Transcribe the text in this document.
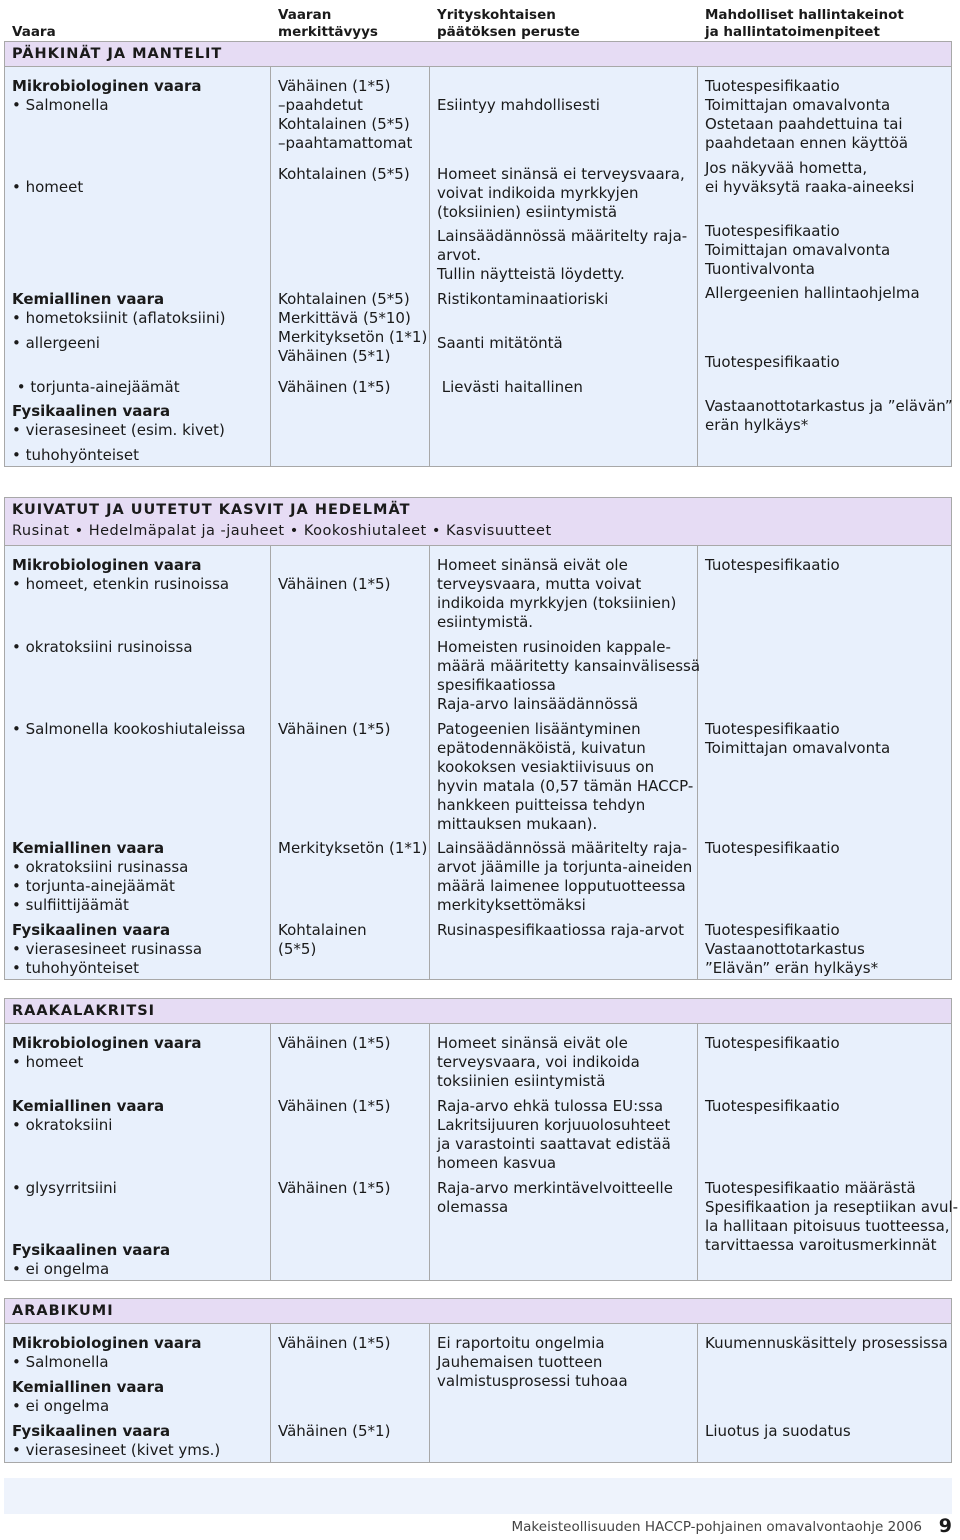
Vaara
Vaaran
merkittävyys
Yrityskohtaisen
päätöksen peruste
Mahdolliset hallintakeinot
ja hallintatoimenpiteet
PÄHKINÄT JA MANTELIT
Mikrobiologinen vaara
• Salmonella
• homeet
Kemiallinen vaara
• hometoksiinit (aflatoksiini)
• allergeeni
• torjunta-ainejäämät
Fysikaalinen vaara
• vierasesineet (esim. kivet)
• tuhohyönteiset
Vähäinen (1*5)
–paahdetut
Kohtalainen (5*5)
–paahtamattomat
Kohtalainen (5*5)
Kohtalainen (5*5)
Merkittävä (5*10)
Merkityksetön (1*1)
Vähäinen (5*1)
Vähäinen (1*5)
Esiintyy mahdollisesti
Homeet sinänsä ei terveysvaara,
voivat indikoida myrkkyjen
(toksiinien) esiintymistä
Lainsäädännössä määritelty raja-
arvot.
Tullin näytteistä löydetty.
Ristikontaminaatioriski
Saanti mitätöntä
Lievästi haitallinen
Tuotespesifikaatio
Toimittajan omavalvonta
Ostetaan paahdettuina tai
paahdetaan ennen käyttöä
Jos näkyvää hometta,
ei hyväksytä raaka-aineeksi
Tuotespesifikaatio
Toimittajan omavalvonta
Tuontivalvonta
Allergeenien hallintaohjelma
Tuotespesifikaatio
Vastaanottotarkastus ja ”elävän”
erän hylkäys*
KUIVATUT JA UUTETUT KASVIT JA HEDELMÄT
Rusinat • Hedelmäpalat ja -jauheet • Kookoshiutaleet • Kasvisuutteet
Mikrobiologinen vaara
• homeet, etenkin rusinoissa
• okratoksiini rusinoissa
• Salmonella kookoshiutaleissa
Kemiallinen vaara
• okratoksiini rusinassa
• torjunta-ainejäämät
• sulfiittijäämät
Fysikaalinen vaara
• vierasesineet rusinassa
• tuhohyönteiset
Vähäinen (1*5)
Vähäinen (1*5)
Merkityksetön (1*1)
Kohtalainen
(5*5)
Homeet sinänsä eivät ole
terveysvaara, mutta voivat
indikoida myrkkyjen (toksiinien)
esiintymistä.
Homeisten rusinoiden kappale-
määrä määritetty kansainvälisessä
spesifikaatiossa
Raja-arvo lainsäädännössä
Patogeenien lisääntyminen
epätodennäköistä, kuivatun
kookoksen vesiaktiivisuus on
hyvin matala (0,57 tämän HACCP-
hankkeen puitteissa tehdyn
mittauksen mukaan).
Lainsäädännössä määritelty raja-
arvot jäämille ja torjunta-aineiden
määrä laimenee lopputuotteessa
merkityksettömäksi
Rusinaspesifikaatiossa raja-arvot
Tuotespesifikaatio
Tuotespesifikaatio
Toimittajan omavalvonta
Tuotespesifikaatio
Tuotespesifikaatio
Vastaanottotarkastus
”Elävän” erän hylkäys*
RAAKALAKRITSI
Mikrobiologinen vaara
• homeet
Kemiallinen vaara
• okratoksiini
• glysyrritsiini
Fysikaalinen vaara
• ei ongelma
Vähäinen (1*5)
Vähäinen (1*5)
Vähäinen (1*5)
Homeet sinänsä eivät ole
terveysvaara, voi indikoida
toksiinien esiintymistä
Raja-arvo ehkä tulossa EU:ssa
Lakritsijuuren korjuuolosuhteet
ja varastointi saattavat edistää
homeen kasvua
Raja-arvo merkintävelvoitteelle
olemassa
Tuotespesifikaatio
Tuotespesifikaatio
Tuotespesifikaatio määrästä
Spesifikaation ja reseptiikan avul-
la hallitaan pitoisuus tuotteessa,
tarvittaessa varoitusmerkinnät
ARABIKUMI
Mikrobiologinen vaara
• Salmonella
Kemiallinen vaara
• ei ongelma
Fysikaalinen vaara
• vierasesineet (kivet yms.)
Vähäinen (1*5)
Vähäinen (5*1)
Ei raportoitu ongelmia
Jauhemaisen tuotteen
valmistusprosessi tuhoaa
Kuumennuskäsittely prosessissa
Liuotus ja suodatus
Makeisteollisuuden HACCP-pohjainen omavalvontaohje 2006 9
